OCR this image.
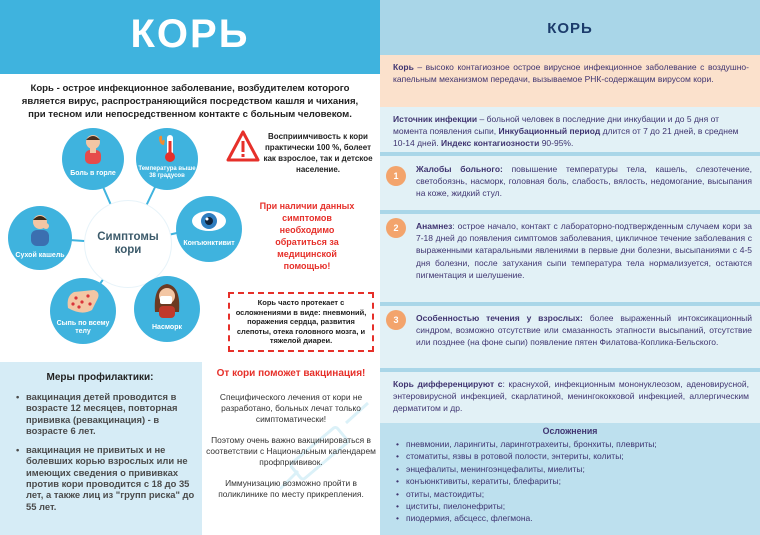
КОРЬ
Корь - острое инфекционное заболевание, возбудителем которого является вирус, распространяющийся посредством кашля и чихания, при тесном или непосредственном контакте с больным человеком.
Восприимчивость к кори практически 100 %, болеет как взрослое, так и детское население.
Симптомы кори
Боль в горле
Температура выше 38 градусов
Сухой кашель
Конъюнктивит
Сыпь по всему телу
Насморк
При наличии данных симптомов необходимо обратиться за медицинской помощью!
Корь часто протекает с осложнениями в виде: пневмоний, поражения сердца, развития слепоты, отека головного мозга, и тяжелой диареи.
Меры профилактики:
• вакцинация детей проводится в возрасте 12 месяцев, повторная прививка (ревакцинация) - в возрасте 6 лет.
• вакцинация не привитых и не болевших корью взрослых или не имеющих сведения о прививках против кори проводится с 18 до 35 лет, а также лиц из "групп риска" до 55 лет.
От кори поможет вакцинация!

Специфического лечения от кори не разработано, больных лечат только симптоматически!

Поэтому очень важно вакцинироваться в соответствии с Национальным календарем профприививок.

Иммунизацию возможно пройти в поликлинике по месту прикрепления.

КОРЬ
Корь – высоко контагиозное острое вирусное инфекционное заболевание с воздушно-капельным механизмом передачи, вызываемое РНК-содержащим вирусом кори.
Источник инфекции – больной человек в последние дни инкубации и до 5 дня от момента появления сыпи, Инкубационный период длится от 7 до 21 дней, в среднем 10-14 дней. Индекс контагиозности 90-95%.
1
Жалобы больного: повышение температуры тела, кашель, слезотечение, светобоязнь, насморк, головная боль, слабость, вялость, недомогание, высыпания на коже, жидкий стул.
2	Анамнез: острое начало, контакт с лабораторно-подтвержденным случаем кори за 7-18 дней до появления симптомов заболевания, цикличное течение заболевания с выраженными катаральными явлениями в первые дни болезни, высыпаниями с 4-5 дня болезни, после затухания сыпи температура тела нормализуется, остаются пигментация и шелушение.
3	Особенностью течения у взрослых: более выраженный интоксикационный синдром, возможно отсутствие или смазанность этапности высыпаний, отсутствие или позднее (на фоне сыпи) появление пятен Филатова-Коплика-Бельского.
Корь дифференцируют с: краснухой, инфекционным мононуклеозом, аденовирусной, энтеровирусной инфекцией, скарлатиной, менингококковой инфекцией, аллергическим дерматитом и др.
Осложнения
• пневмонии, ларингиты, ларинготрахеиты, бронхиты, плевриты;
• стоматиты, язвы в ротовой полости, энтериты, колиты;
• энцефалиты, менингоэнцефалиты, миелиты;
• конъюнктивиты, кератиты, блефариты;
• отиты, мастоидиты;
• циститы, пиелонефриты;
• пиодермия, абсцесс, флегмона.
